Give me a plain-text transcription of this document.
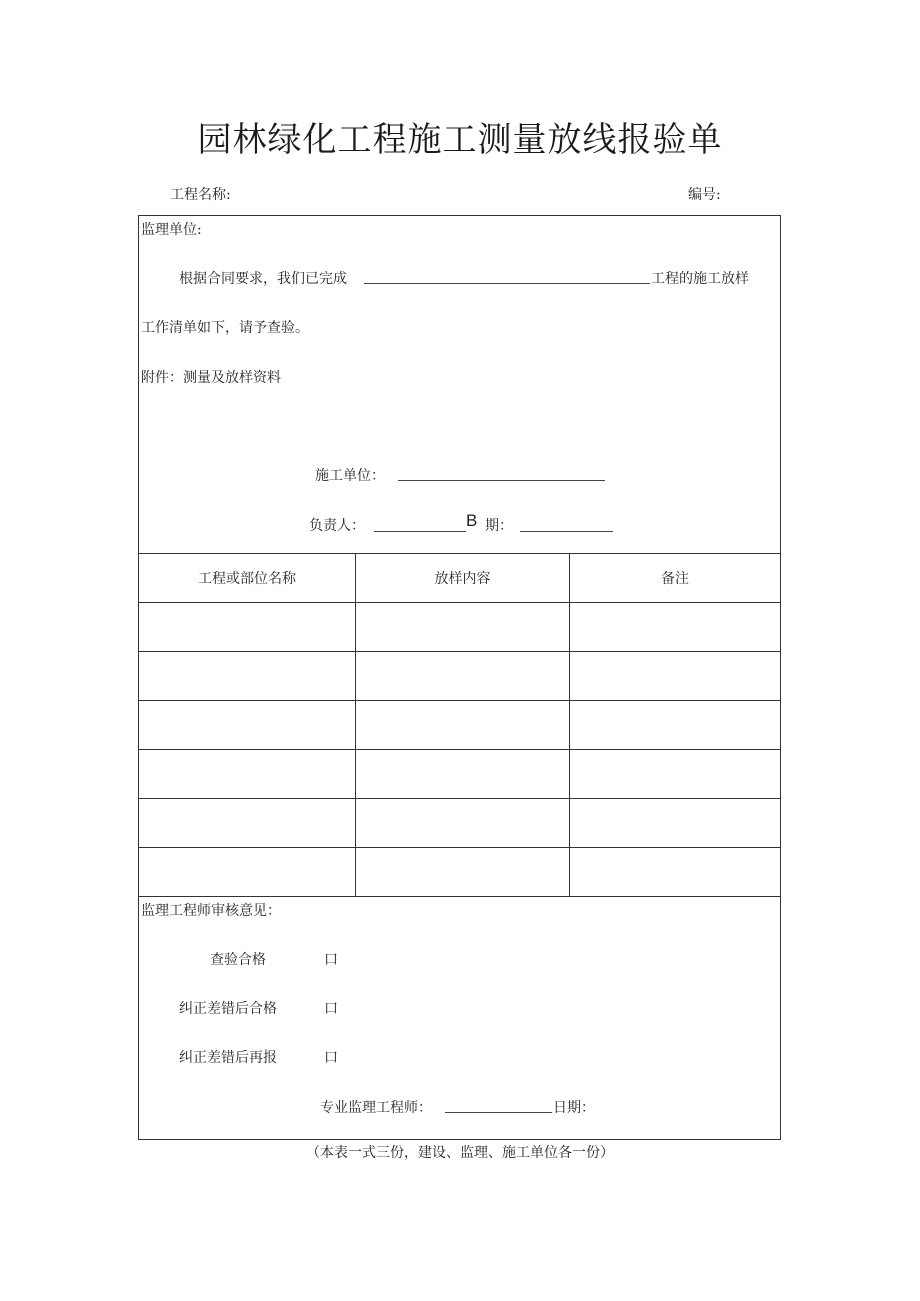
园林绿化工程施工测量放线报验单
工程名称:	编号:
监理单位:
根据合同要求，我们已完成	工程的施工放样
工作清单如下，请予查验。
附件：测量及放样资料
施工单位：
负责人：	B 期：
工程或部位名称	放样内容	备注

监理工程师审核意见：
查验合格	口
纠正差错后合格	口
纠正差错后再报	口
专业监理工程师：	日期：
（本表一式三份，建设、监理、施工单位各一份）
